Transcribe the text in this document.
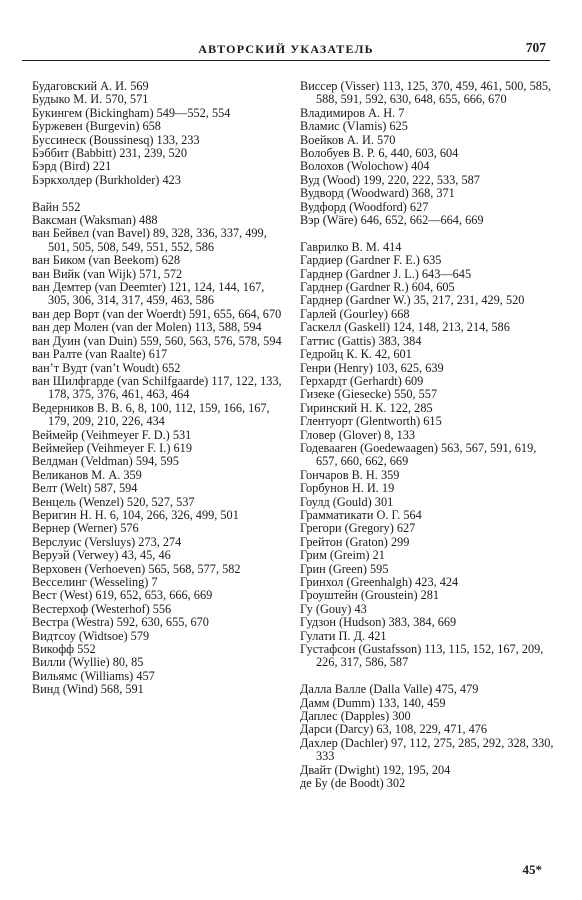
АВТОРСКИЙ УКАЗАТЕЛЬ	707

Будаговский А. И. 569

Будыко М. И. 570, 571

Букингем (Bickingham) 549—552, 554

Буржевен (Burgevin) 658

Буссинеск (Boussinesq) 133, 233

Бэббит (Babbitt) 231, 239, 520

Бэрд (Bird) 221

Бэркхолдер (Burkholder) 423

Вайн 552

Ваксман (Waksman) 488

ван Бейвел (van Bavel) 89, 328, 336, 337, 499, 501, 505, 508, 549, 551, 552, 586

ван Биком (van Beekom) 628

ван Вийк (van Wijk) 571, 572

ван Демтер (van Deemter) 121, 124, 144, 167, 305, 306, 314, 317, 459, 463, 586

ван дер Ворт (van der Woerdt) 591, 655, 664, 670

ван дер Молен (van der Molen) 113, 588, 594

ван Дуин (van Duin) 559, 560, 563, 576, 578, 594

ван Ралте (van Raalte) 617

ван’т Вудт (van’t Woudt) 652

ван Шилфгарде (van Schilfgaarde) 117, 122, 133, 178, 375, 376, 461, 463, 464

Ведерников В. В. 6, 8, 100, 112, 159, 166, 167, 179, 209, 210, 226, 434

Веймейр (Veihmeyer F. D.) 531

Веймейер (Veihmeyer F. I.) 619

Велдман (Veldman) 594, 595

Великанов М. А. 359

Велт (Welt) 587, 594

Венцель (Wenzel) 520, 527, 537

Веригин Н. Н. 6, 104, 266, 326, 499, 501

Вернер (Werner) 576

Верслуис (Versluys) 273, 274

Веруэй (Verwey) 43, 45, 46

Верховен (Verhoeven) 565, 568, 577, 582

Весселинг (Wesseling) 7

Вест (West) 619, 652, 653, 666, 669

Вестерхоф (Westerhof) 556

Вестра (Westra) 592, 630, 655, 670

Видтсоу (Widtsoe) 579

Викофф 552

Вилли (Wyllie) 80, 85

Вильямс (Williams) 457

Винд (Wind) 568, 591

Виссер (Visser) 113, 125, 370, 459, 461, 500, 585, 588, 591, 592, 630, 648, 655, 666, 670

Владимиров А. Н. 7

Вламис (Vlamis) 625

Воейков А. И. 570

Волобуев В. Р. 6, 440, 603, 604

Волохов (Wolochow) 404

Вуд (Wood) 199, 220, 222, 533, 587

Вудворд (Woodward) 368, 371

Вудфорд (Woodford) 627

Вэр (Wäre) 646, 652, 662—664, 669

Гаврилко В. М. 414

Гардиер (Gardner F. E.) 635

Гарднер (Gardner J. L.) 643—645

Гарднер (Gardner R.) 604, 605

Гарднер (Gardner W.) 35, 217, 231, 429, 520

Гарлей (Gourley) 668

Гаскелл (Gaskell) 124, 148, 213, 214, 586

Гаттис (Gattis) 383, 384

Гедройц К. К. 42, 601

Генри (Henry) 103, 625, 639

Герхардт (Gerhardt) 609

Гизеке (Giesecke) 550, 557

Гиринский Н. К. 122, 285

Глентуорт (Glentworth) 615

Гловер (Glover) 8, 133

Годевааген (Goedewaagen) 563, 567, 591, 619, 657, 660, 662, 669

Гончаров В. Н. 359

Горбунов Н. И. 19

Гоулд (Gould) 301

Грамматикати О. Г. 564

Грегори (Gregory) 627

Грейтон (Graton) 299

Грим (Greim) 21

Грин (Green) 595

Гринхол (Greenhalgh) 423, 424

Гроуштейн (Groustein) 281

Гу (Gouy) 43

Гудзон (Hudson) 383, 384, 669

Гулати П. Д. 421

Густафсон (Gustafsson) 113, 115, 152, 167, 209, 226, 317, 586, 587

Далла Валле (Dalla Valle) 475, 479

Дамм (Dumm) 133, 140, 459

Даплес (Dapples) 300

Дарси (Darcy) 63, 108, 229, 471, 476

Дахлер (Dachler) 97, 112, 275, 285, 292, 328, 330, 333

Двайт (Dwight) 192, 195, 204

де Бу (de Boodt) 302

45*
